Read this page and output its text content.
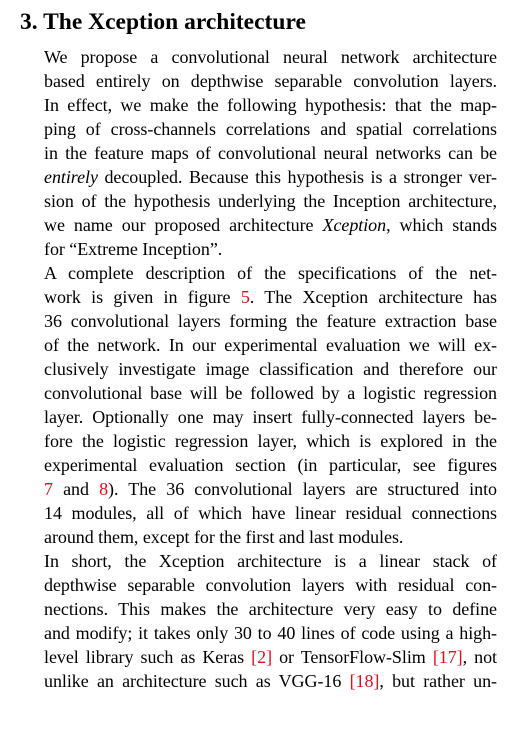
3. The Xception architecture

We propose a convolutional neural network architecture
based entirely on depthwise separable convolution layers.
In effect, we make the following hypothesis: that the map-
ping of cross-channels correlations and spatial correlations
in the feature maps of convolutional neural networks can be
entirely decoupled. Because this hypothesis is a stronger ver-
sion of the hypothesis underlying the Inception architecture,
we name our proposed architecture Xception, which stands
for “Extreme Inception”.

A complete description of the specifications of the net-
work is given in figure 5. The Xception architecture has
36 convolutional layers forming the feature extraction base
of the network. In our experimental evaluation we will ex-
clusively investigate image classification and therefore our
convolutional base will be followed by a logistic regression
layer. Optionally one may insert fully-connected layers be-
fore the logistic regression layer, which is explored in the
experimental evaluation section (in particular, see figures
7 and 8). The 36 convolutional layers are structured into
14 modules, all of which have linear residual connections
around them, except for the first and last modules.

In short, the Xception architecture is a linear stack of
depthwise separable convolution layers with residual con-
nections. This makes the architecture very easy to define
and modify; it takes only 30 to 40 lines of code using a high-
level library such as Keras [2] or TensorFlow-Slim [17], not
unlike an architecture such as VGG-16 [18], but rather un-
